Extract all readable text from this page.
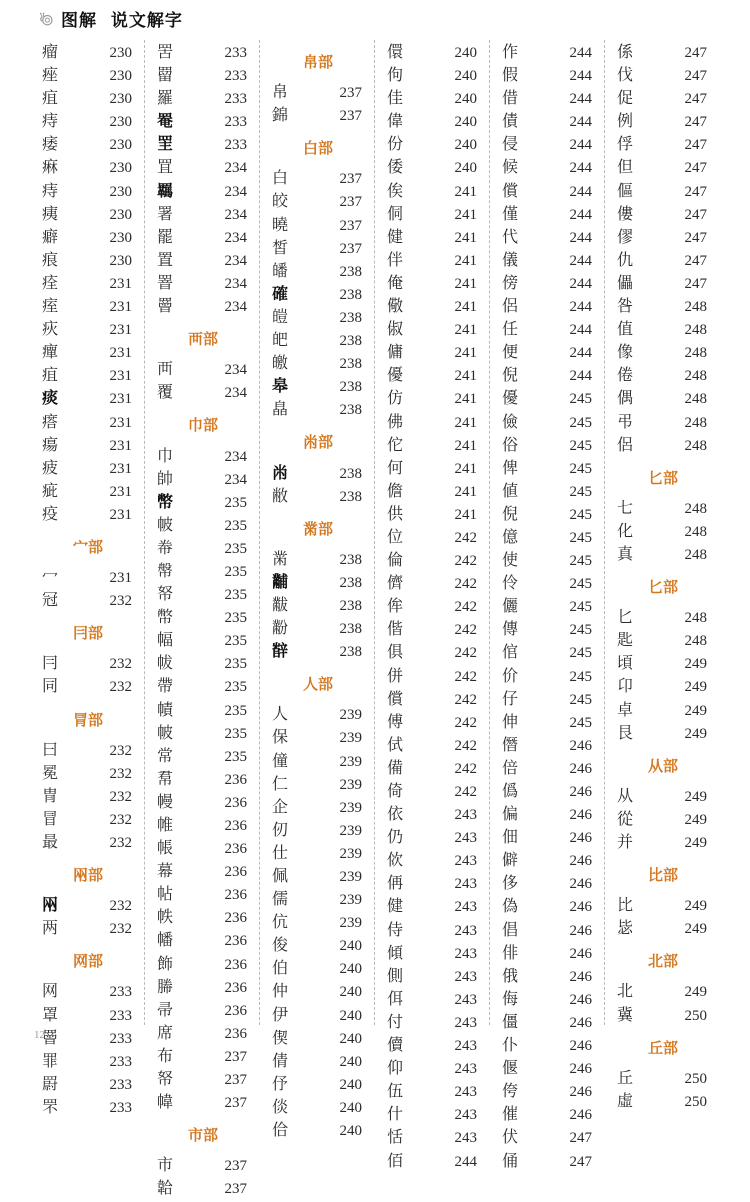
图解  说文解字
瘤	230
痤	230
疽	230
痔	230
痿	230
痳	230
痔	230
痍	230
癖	230
痕	230
痊	231
痓	231
疢	231
癉	231
疽	231
痰	231
瘩	231
瘍	231
疲	231
疵	231
疫	231
宀部
冖	231
冠	232
冃部
冃	232
同	232
冐部
曰	232
冕	232
冑	232
冒	232
最	232
㒳部
㒳	232
两	232
网部
网	233
罩	233
罾	233
罪	233
罻	233
罘	233
罟	233
罶	233
羅	233
罨	233
罜	233
罝	234
羈	234
署	234
罷	234
置	234
罯	234
罾	234
襾部
襾	234
覆	234
巾部
巾	234
帥	234
幣	235
帔	235
帣	235
幋	235
帑	235
幣	235
幅	235
帗	235
帶	235
幘	235
帔	235
常	235
帬	236
幔	236
帷	236
帳	236
幕	236
帖	236
帙	236
幡	236
飾	236
幐	236
帚	236
席	236
布	237
帑	237
幃	237
市部
市	237
韐	237
帛部
帛	237
錦	237
白部
白	237
皎	237
曉	237
皙	237
皤	238
確	238
皚	238
皅	238
皦	238
皋	238
皛	238
㡀部
㡀	238
敝	238
黹部
黹	238
黼	238
黻	238
黺	238
辥	238
人部
人	239
保	239
僮	239
仁	239
企	239
仞	239
仕	239
佩	239
儒	239
伉	239
俊	240
伯	240
仲	240
伊	240
偰	240
倩	240
伃	240
倓	240
佮	240
儇	240
佝	240
佳	240
偉	240
份	240
倭	240
俟	241
侗	241
健	241
伴	241
俺	241
儆	241
俶	241
傭	241
優	241
仿	241
佛	241
佗	241
何	241
儋	241
供	241
位	242
倫	242
儕	242
侔	242
偕	242
俱	242
併	242
償	242
傅	242
侙	242
備	242
倚	242
依	243
仍	243
佽	243
侢	243
健	243
侍	243
傾	243
側	243
佴	243
付	243
儥	243
仰	243
伍	243
什	243
恬	243
佰	244
作	244
假	244
借	244
債	244
侵	244
候	244
償	244
僅	244
代	244
儀	244
傍	244
侶	244
任	244
便	244
倪	244
優	245
儉	245
俗	245
俾	245
値	245
倪	245
億	245
使	245
伶	245
儷	245
傳	245
倌	245
价	245
仔	245
伸	245
僭	246
倍	246
僞	246
偏	246
佃	246
僻	246
侈	246
偽	246
倡	246
俳	246
俄	246
侮	246
僵	246
仆	246
偃	246
侉	246
催	246
伏	247
俑	247
係	247
伐	247
促	247
例	247
俘	247
但	247
傴	247
僂	247
僇	247
仇	247
儡	247
咎	248
值	248
像	248
倦	248
偶	248
弔	248
侶	248
匕部
七	248
化	248
真	248
匕部
匕	248
匙	248
頃	249
卬	249
卓	249
艮	249
从部
从	249
從	249
并	249
比部
比	249
毖	249
北部
北	249
冀	250
丘部
丘	250
虛	250
12
